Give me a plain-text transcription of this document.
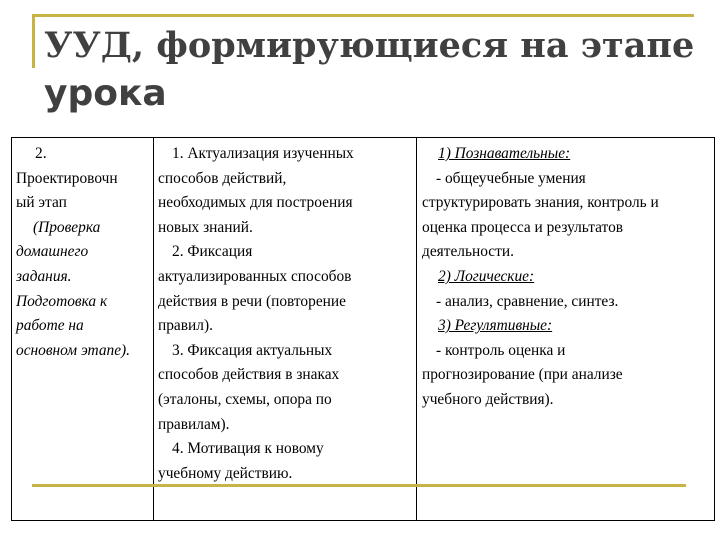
УУД, формирующиеся на этапе
урока
2.
Проектировочн
ый этап
(Проверка
домашнего
задания.
Подготовка к
работе на
основном этапе).
1. Актуализация изученных
способов действий,
необходимых для построения
новых знаний.
2. Фиксация
актуализированных способов
действия в речи (повторение
правил).
3. Фиксация актуальных
способов действия в знаках
(эталоны, схемы, опора по
правилам).
4. Мотивация к новому
учебному действию.
1) Познавательные:
- общеучебные умения
структурировать знания, контроль и
оценка процесса и результатов
деятельности.
2) Логические:
- анализ, сравнение, синтез.
3) Регулятивные:
- контроль оценка и
прогнозирование (при анализе
учебного действия).
